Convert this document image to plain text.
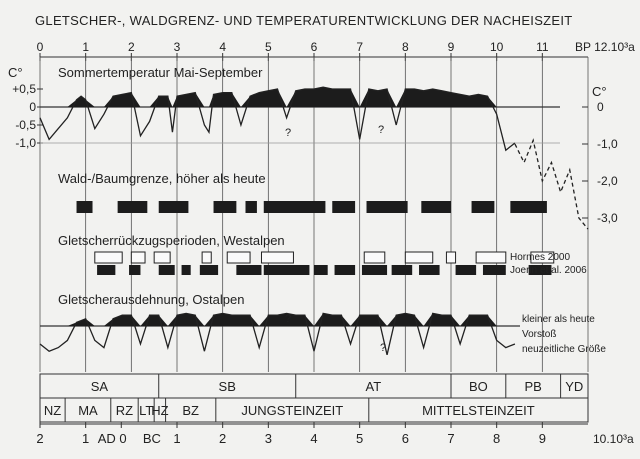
GLETSCHER-, WALDGRENZ- UND TEMPERATURENTWICKLUNG DER NACHEISZEIT
0	1	2	3	4	5	6	7	8	9	10	11 BP 12.10³a
C°
C°
+0,5
0
-0,5
-1,0
0
-1,0
-2,0
-3,0
Sommertemperatur Mai-September
Wald-/Baumgrenze, höher als heute
Gletscherrückzugsperioden, Westalpen
Hormes 2000
Joerin et al. 2006
Gletscherausdehnung, Ostalpen
kleiner als heute
Vorstoß
neuzeitliche Größe
?	?
?
?
SA	SB	AT	BO	PB YD
NZ MA RZ LT
HZ BZ	JUNGSTEINZEIT	MITTELSTEINZEIT
2	1 AD 0 BC 1	2	3	4	5	6	7	8	9	10.10³a
